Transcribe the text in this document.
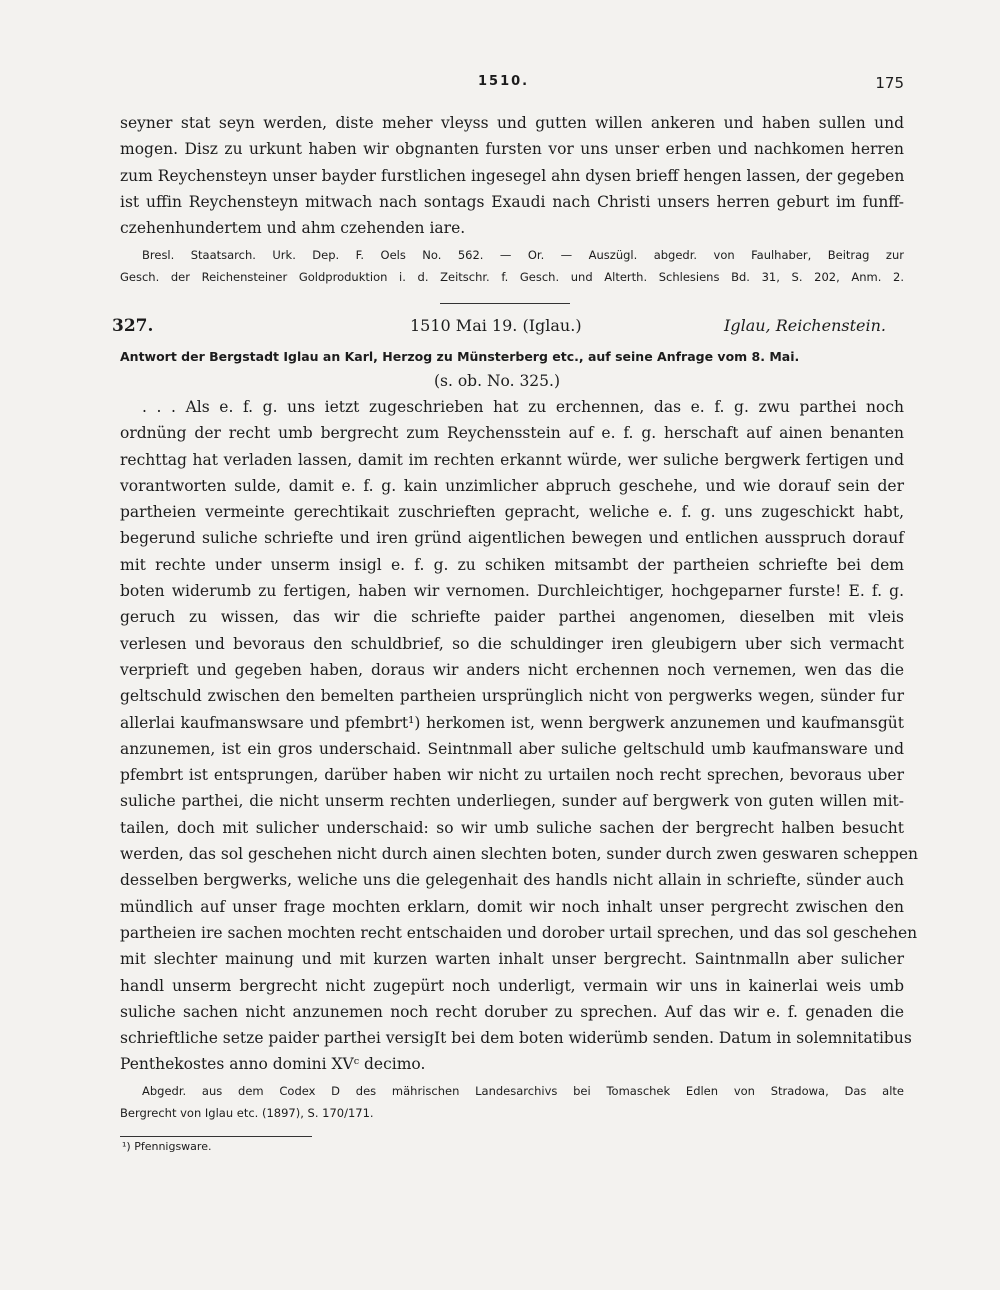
1510.	175
seyner stat seyn werden, diste meher vleyss und gutten willen ankeren und haben sullen und
mogen. Disz zu urkunt haben wir obgnanten fursten vor uns unser erben und nachkomen herren
zum Reychensteyn unser bayder furstlichen ingesegel ahn dysen brieff hengen lassen, der gegeben
ist uffin Reychensteyn mitwach nach sontags Exaudi nach Christi unsers herren geburt im funff-
czehenhundertem und ahm czehenden iare.
Bresl. Staatsarch. Urk. Dep. F. Oels No. 562. — Or. — Auszügl. abgedr. von Faulhaber, Beitrag zur
Gesch. der Reichensteiner Goldproduktion i. d. Zeitschr. f. Gesch. und Alterth. Schlesiens Bd. 31, S. 202, Anm. 2.
327.	1510 Mai 19. (Iglau.)	Iglau, Reichenstein.
Antwort der Bergstadt Iglau an Karl, Herzog zu Münsterberg etc., auf seine Anfrage vom 8. Mai.
(s. ob. No. 325.)
. . . Als e. f. g. uns ietzt zugeschrieben hat zu erchennen, das e. f. g. zwu parthei noch
ordnüng der recht umb bergrecht zum Reychensstein auf e. f. g. herschaft auf ainen benanten
rechttag hat verladen lassen, damit im rechten erkannt würde, wer suliche bergwerk fertigen und
vorantworten sulde, damit e. f. g. kain unzimlicher abpruch geschehe, und wie dorauf sein der
partheien vermeinte gerechtikait zuschrieften gepracht, weliche e. f. g. uns zugeschickt habt,
begerund suliche schriefte und iren gründ aigentlichen bewegen und entlichen ausspruch dorauf
mit rechte under unserm insigl e. f. g. zu schiken mitsambt der partheien schriefte bei dem
boten widerumb zu fertigen, haben wir vernomen. Durchleichtiger, hochgeparner furste! E. f. g.
geruch zu wissen, das wir die schriefte paider parthei angenomen, dieselben mit vleis
verlesen und bevoraus den schuldbrief, so die schuldinger iren gleubigern uber sich vermacht
verprieft und gegeben haben, doraus wir anders nicht erchennen noch vernemen, wen das die
geltschuld zwischen den bemelten partheien ursprünglich nicht von pergwerks wegen, sünder fur
allerlai kaufmanswsare und pfembrt¹) herkomen ist, wenn bergwerk anzunemen und kaufmansgüt
anzunemen, ist ein gros underschaid. Seintnmall aber suliche geltschuld umb kaufmansware und
pfembrt ist entsprungen, darüber haben wir nicht zu urtailen noch recht sprechen, bevoraus uber
suliche parthei, die nicht unserm rechten underliegen, sunder auf bergwerk von guten willen mit-
tailen, doch mit sulicher underschaid: so wir umb suliche sachen der bergrecht halben besucht
werden, das sol geschehen nicht durch ainen slechten boten, sunder durch zwen geswaren scheppen
desselben bergwerks, weliche uns die gelegenhait des handls nicht allain in schriefte, sünder auch
mündlich auf unser frage mochten erklarn, domit wir noch inhalt unser pergrecht zwischen den
partheien ire sachen mochten recht entschaiden und dorober urtail sprechen, und das sol geschehen
mit slechter mainung und mit kurzen warten inhalt unser bergrecht. Saintnmalln aber sulicher
handl unserm bergrecht nicht zugepürt noch underligt, vermain wir uns in kainerlai weis umb
suliche sachen nicht anzunemen noch recht doruber zu sprechen. Auf das wir e. f. genaden die
schrieftliche setze paider parthei versigIt bei dem boten widerümb senden. Datum in solemnitatibus
Penthekostes anno domini XVᶜ decimo.
Abgedr. aus dem Codex D des mährischen Landesarchivs bei Tomaschek Edlen von Stradowa, Das alte
Bergrecht von Iglau etc. (1897), S. 170/171.
¹) Pfennigsware.
